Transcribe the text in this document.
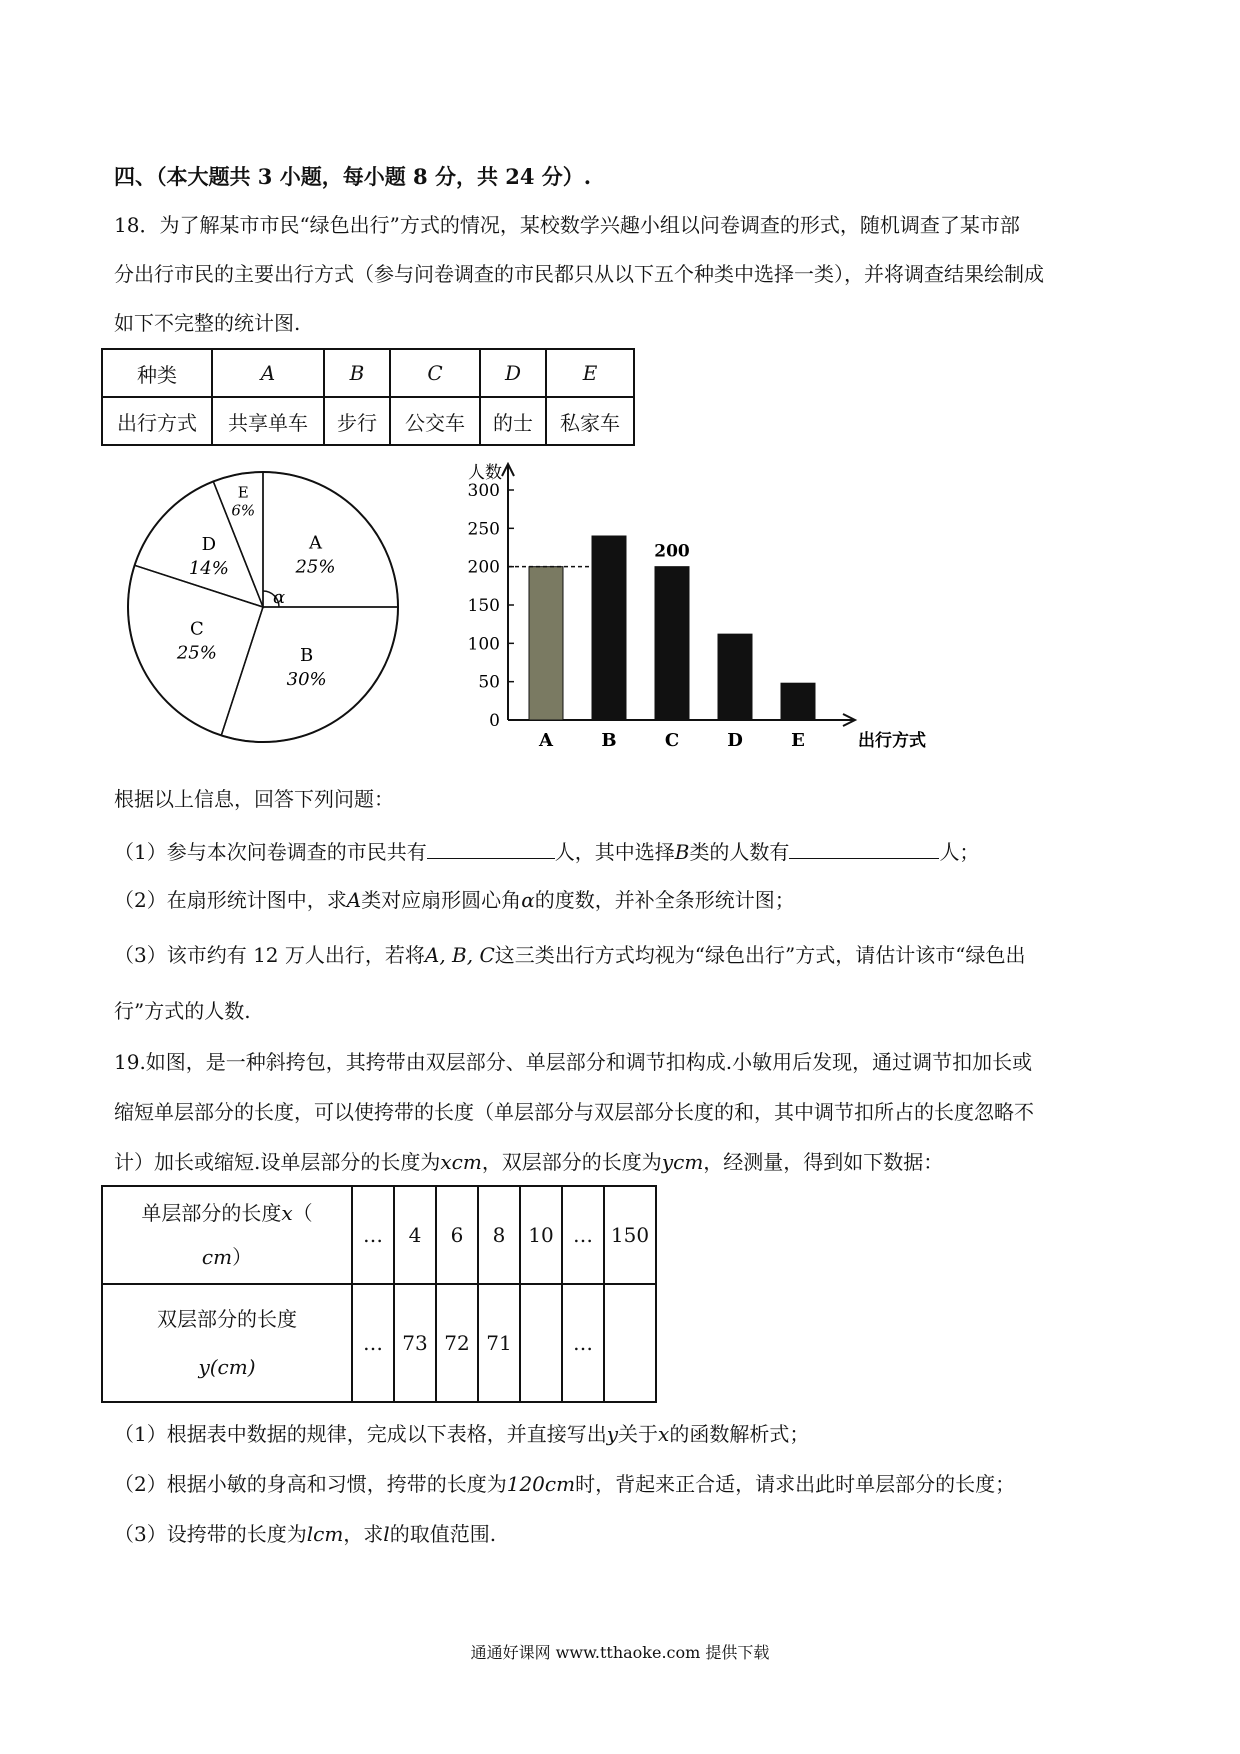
四、（本大题共 3 小题，每小题 8 分，共 24 分）.
18．为了解某市市民“绿色出行”方式的情况，某校数学兴趣小组以问卷调查的形式，随机调查了某市部
分出行市民的主要出行方式（参与问卷调查的市民都只从以下五个种类中选择一类），并将调查结果绘制成
如下不完整的统计图.
种类	A	B	C	D	E
出行方式	共享单车	步行	公交车	的士	私家车
A
25%
B
30%
C
25%
D
14%
E
6%
α
人数
0
50
100
150
200
250
300
A	B	C
200
D	E	出行方式
根据以上信息，回答下列问题：
（1）参与本次问卷调查的市民共有	人，其中选择B类的人数有	人；
（2）在扇形统计图中，求A类对应扇形圆心角α的度数，并补全条形统计图；
（3）该市约有 12 万人出行，若将A, B, C这三类出行方式均视为“绿色出行”方式，请估计该市“绿色出
行”方式的人数.
19.如图，是一种斜挎包，其挎带由双层部分、单层部分和调节扣构成.小敏用后发现，通过调节扣加长或
缩短单层部分的长度，可以使挎带的长度（单层部分与双层部分长度的和，其中调节扣所占的长度忽略不
计）加长或缩短.设单层部分的长度为xcm，双层部分的长度为ycm，经测量，得到如下数据：
单层部分的长度x（
cm）	…	4	6	8	10	…	150
双层部分的长度
y(cm)	…	73	72	71		…	
（1）根据表中数据的规律，完成以下表格，并直接写出y关于x的函数解析式；
（2）根据小敏的身高和习惯，挎带的长度为120cm时，背起来正合适，请求出此时单层部分的长度；
（3）设挎带的长度为lcm，求l的取值范围.
通通好课网 www.tthaoke.com 提供下载
